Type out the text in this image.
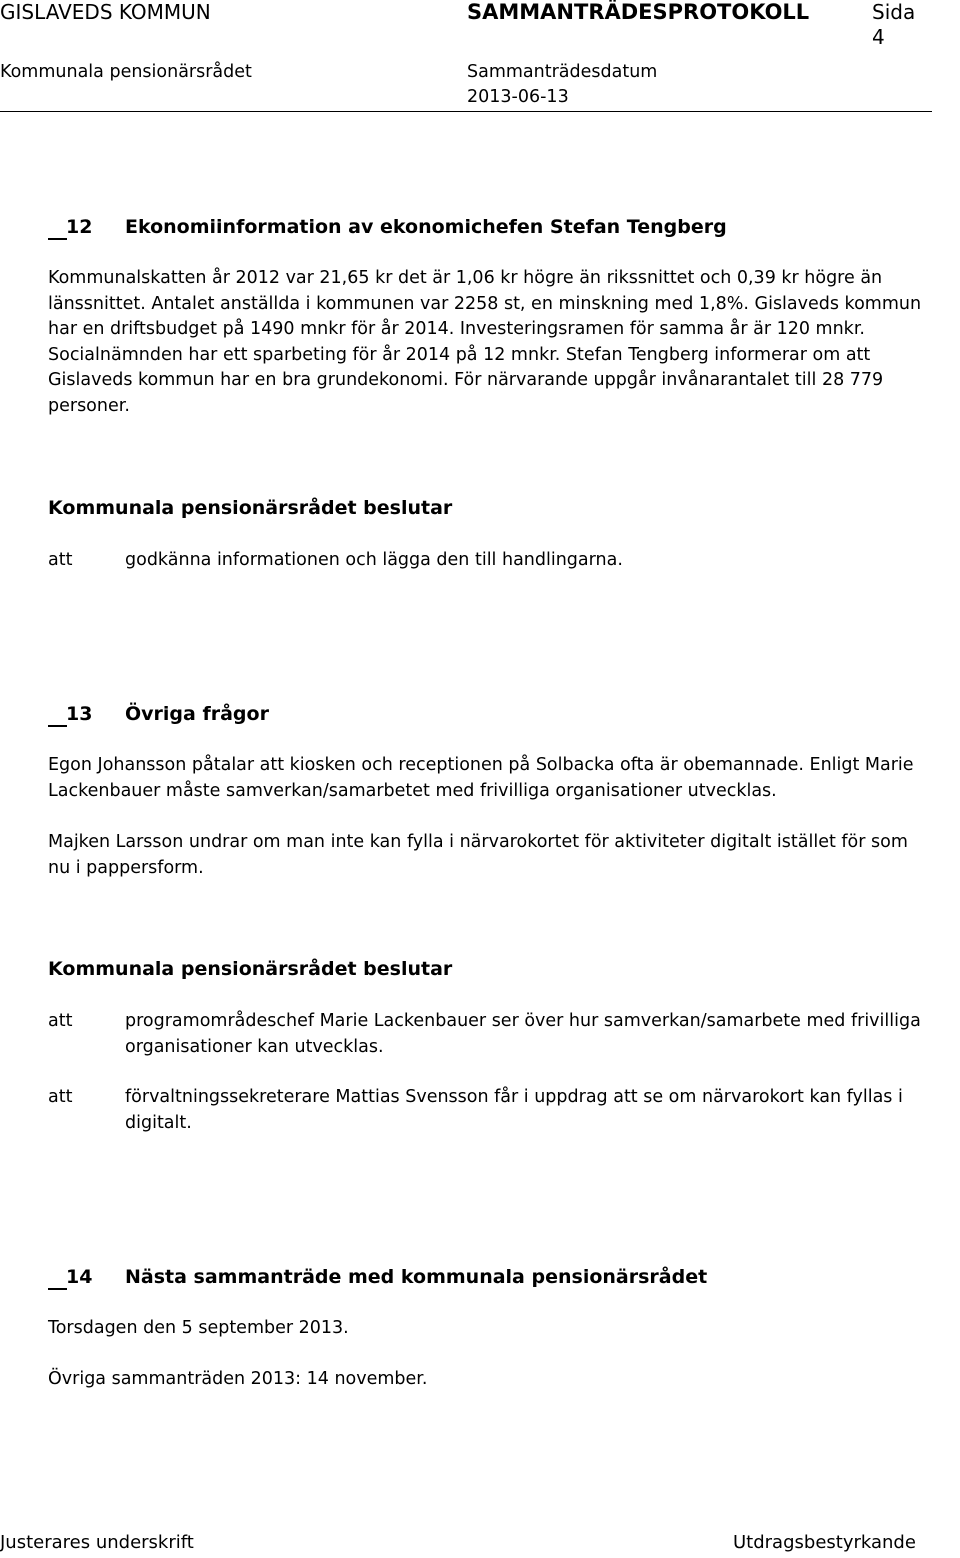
GISLAVEDS KOMMUN	SAMMANTRÄDESPROTOKOLL	Sida
4
Kommunala pensionärsrådet	Sammanträdesdatum
2013-06-13

12 Ekonomiinformation av ekonomichefen Stefan Tengberg

Kommunalskatten år 2012 var 21,65 kr det är 1,06 kr högre än rikssnittet och 0,39 kr högre än länssnittet. Antalet anställda i kommunen var 2258 st, en minskning med 1,8%. Gislaveds kommun har en driftsbudget på 1490 mnkr för år 2014. Investeringsramen för samma år är 120 mnkr. Socialnämnden har ett sparbeting för år 2014 på 12 mnkr. Stefan Tengberg informerar om att Gislaveds kommun har en bra grundekonomi. För närvarande uppgår invånarantalet till 28 779 personer.

Kommunala pensionärsrådet beslutar
att	godkänna informationen och lägga den till handlingarna.

13 Övriga frågor

Egon Johansson påtalar att kiosken och receptionen på Solbacka ofta är obemannade. Enligt Marie Lackenbauer måste samverkan/samarbetet med frivilliga organisationer utvecklas.

Majken Larsson undrar om man inte kan fylla i närvarokortet för aktiviteter digitalt istället för som nu i pappersform.

Kommunala pensionärsrådet beslutar
att	programområdeschef Marie Lackenbauer ser över hur samverkan/samarbete med frivilliga organisationer kan utvecklas.
att	förvaltningssekreterare Mattias Svensson får i uppdrag att se om närvarokort kan fyllas i digitalt.

14 Nästa sammanträde med kommunala pensionärsrådet

Torsdagen den 5 september 2013.

Övriga sammanträden 2013: 14 november.

Justerares underskrift	Utdragsbestyrkande
